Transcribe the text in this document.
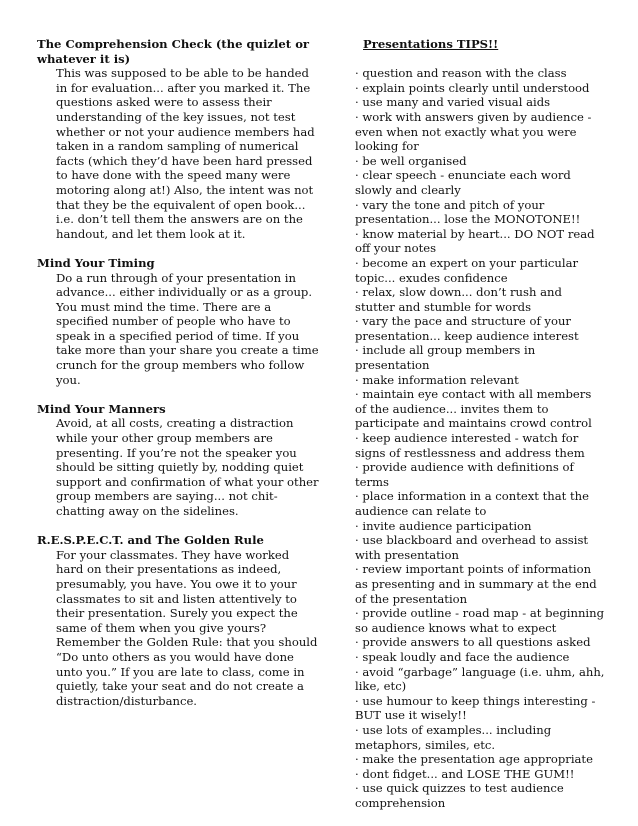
The Comprehension Check (the quizlet or whatever it is)

This was supposed to be able to be handed in for evaluation... after you marked it. The questions asked were to assess their understanding of the key issues, not test whether or not your audience members had taken in a random sampling of numerical facts (which they’d have been hard pressed to have done with the speed many were motoring along at!) Also, the intent was not that they be the equivalent of open book... i.e. don’t tell them the answers are on the handout, and let them look at it.

Mind Your Timing

Do a run through of your presentation in advance... either individually or as a group. You must mind the time. There are a specified number of people who have to speak in a specified period of time. If you take more than your share you create a time crunch for the group members who follow you.

Mind Your Manners

Avoid, at all costs, creating a distraction while your other group members are presenting. If you’re not the speaker you should be sitting quietly by, nodding quiet support and confirmation of what your other group members are saying... not chit-chatting away on the sidelines.

R.E.S.P.E.C.T. and The Golden Rule

For your classmates. They have worked hard on their presentations as indeed, presumably, you have. You owe it to your classmates to sit and listen attentively to their presentation. Surely you expect the same of them when you give yours? Remember the Golden Rule: that you should “Do unto others as you would have done unto you.” If you are late to class, come in quietly, take your seat and do not create a distraction/disturbance.

Presentations TIPS!!

· question and reason with the class

· explain points clearly until understood

· use many and varied visual aids

· work with answers given by audience - even when not exactly what you were looking for

· be well organised

· clear speech - enunciate each word slowly and clearly

· vary the tone and pitch of your presentation... lose the MONOTONE!!

· know material by heart... DO NOT read off your notes

· become an expert on your particular topic... exudes confidence

· relax, slow down... don’t rush and stutter and stumble for words

· vary the pace and structure of your presentation... keep audience interest

· include all group members in presentation

· make information relevant

· maintain eye contact with all members of the audience... invites them to participate and maintains crowd control

· keep audience interested - watch for signs of restlessness and address them

· provide audience with definitions of terms

· place information in a context that the audience can relate to

· invite audience participation

· use blackboard and overhead to assist with presentation

· review important points of information as presenting and in summary at the end of the presentation

· provide outline - road map - at beginning so audience knows what to expect

· provide answers to all questions asked

· speak loudly and face the audience

· avoid “garbage” language (i.e. uhm, ahh, like, etc)

· use humour to keep things interesting - BUT use it wisely!!

· use lots of examples... including metaphors, similes, etc.

· make the presentation age appropriate

· dont fidget... and LOSE THE GUM!!

· use quick quizzes to test audience comprehension
